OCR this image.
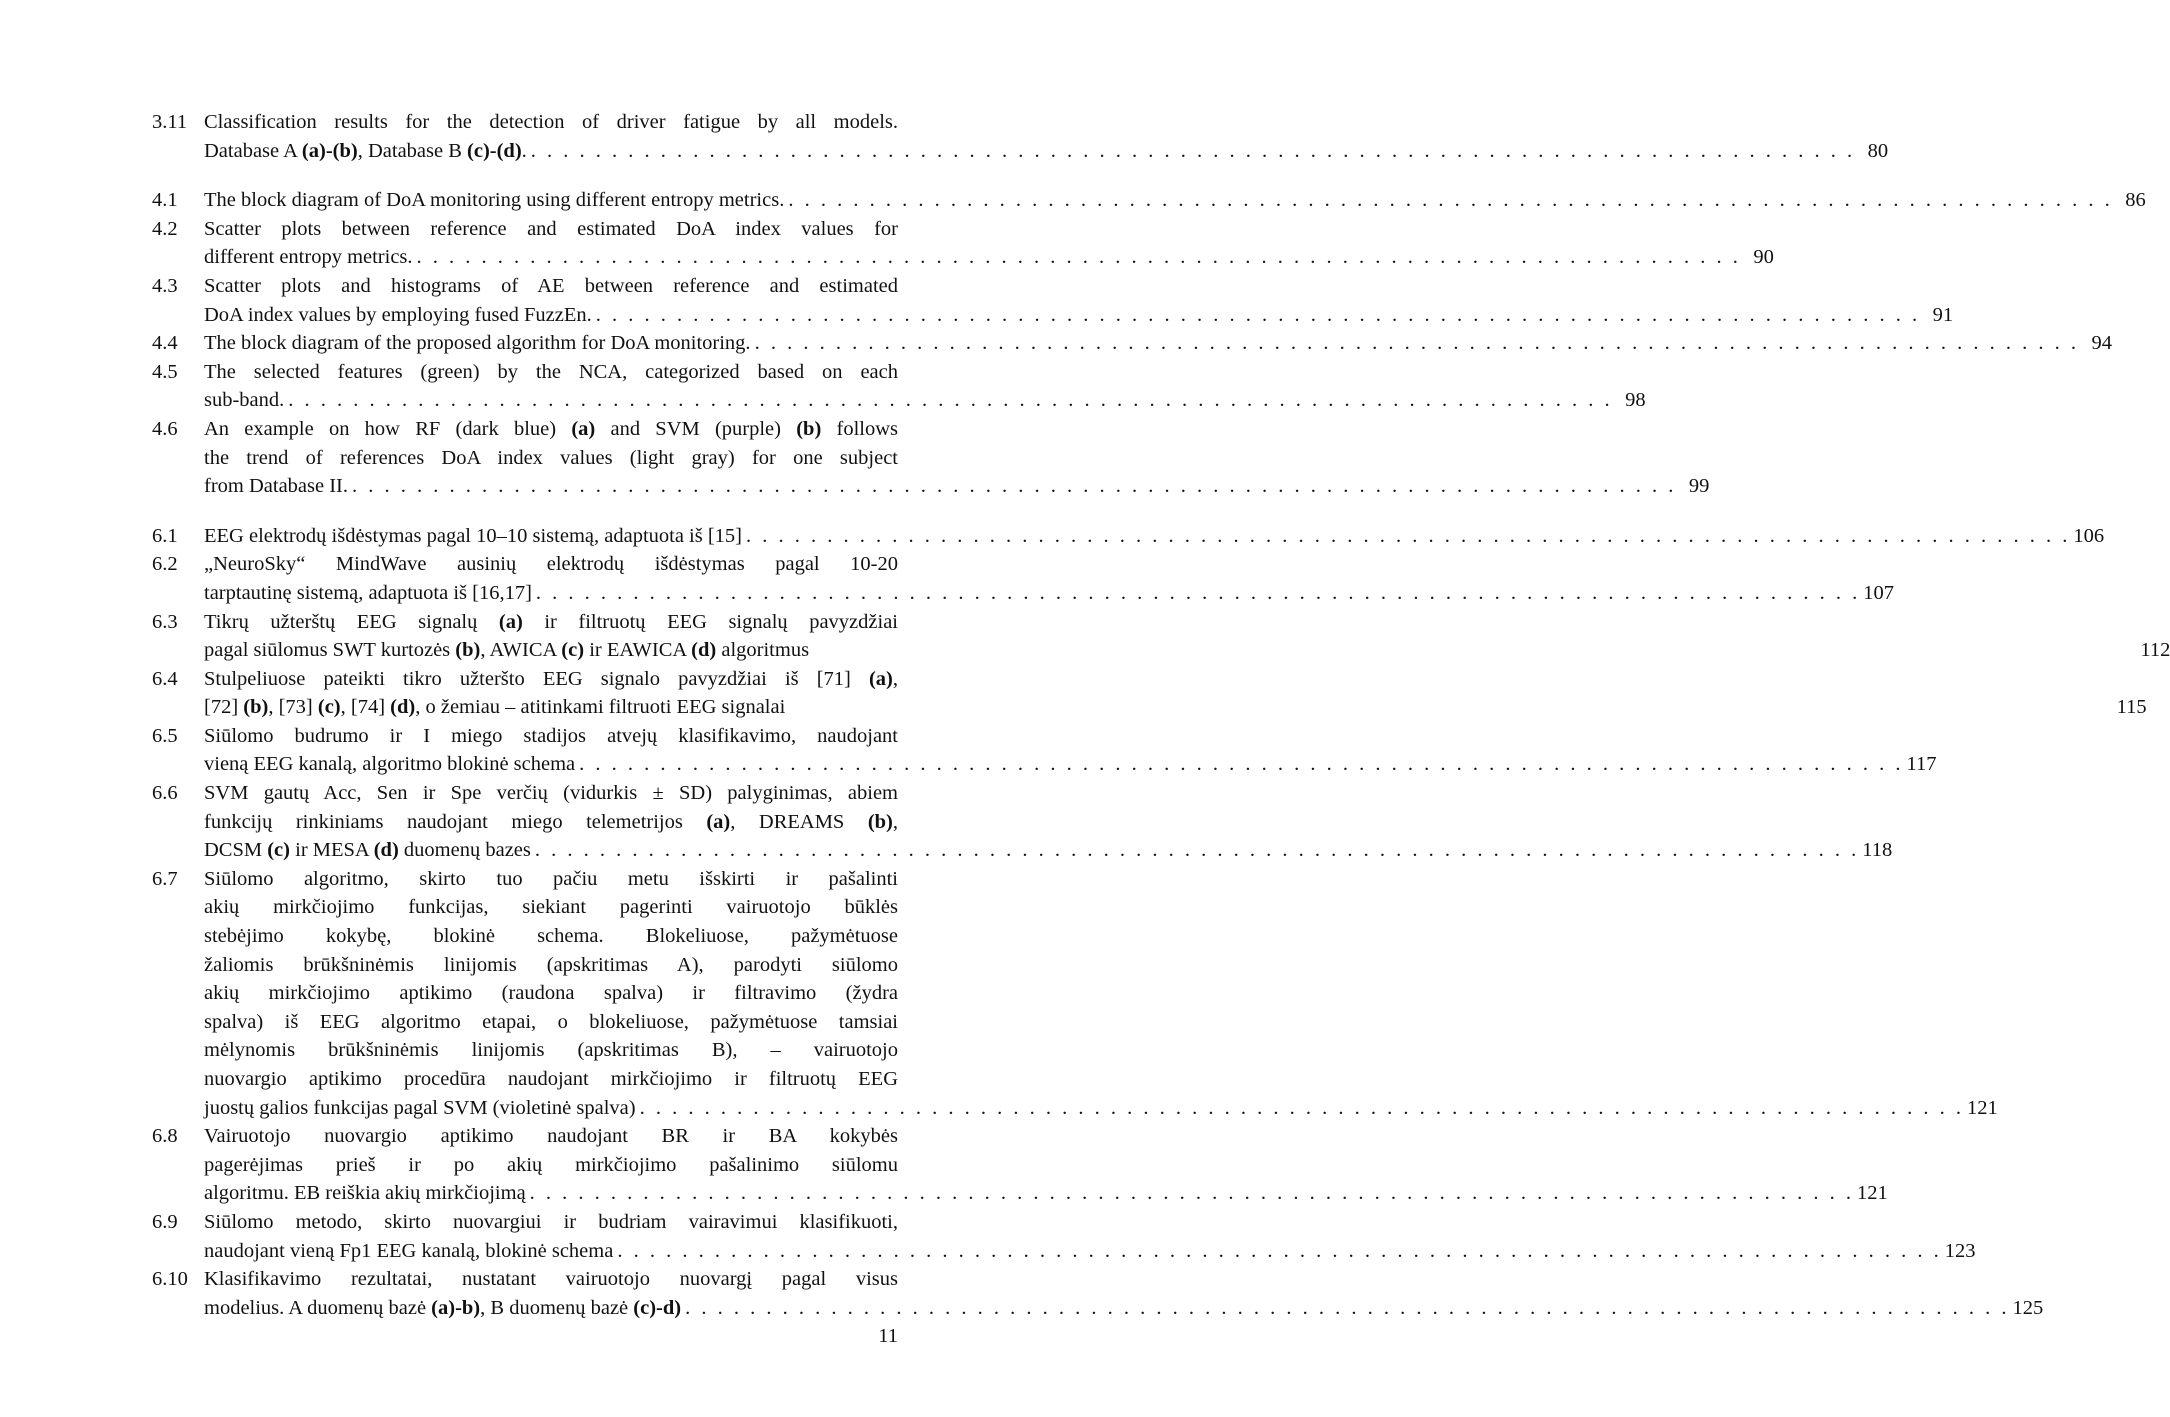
3.11 Classification results for the detection of driver fatigue by all models.
Database A (a)-(b), Database B (c)-(d). . . .	80
4.1	The block diagram of DoA monitoring using different entropy metrics. . . .	86
4.2	Scatter plots between reference and estimated DoA index values for
different entropy metrics. . . .	90
4.3	Scatter plots and histograms of AE between reference and estimated
DoA index values by employing fused FuzzEn. . . .	91
4.4	The block diagram of the proposed algorithm for DoA monitoring. . . .	94
4.5	The selected features (green) by the NCA, categorized based on each
sub-band. . . .	98
4.6	An example on how RF (dark blue) (a) and SVM (purple) (b) follows
the trend of references DoA index values (light gray) for one subject
from Database II. . . .	99
6.1	EEG elektrodų išdėstymas pagal 10–10 sistemą, adaptuota iš [15] . . .	106
6.2	„NeuroSky“ MindWave ausinių elektrodų išdėstymas pagal 10-20
tarptautinę sistemą, adaptuota iš [16,17] . . .	107
6.3	Tikrų užterštų EEG signalų (a) ir filtruotų EEG signalų pavyzdžiai
pagal siūlomus SWT kurtozės (b), AWICA (c) ir EAWICA (d) algoritmus	112
6.4	Stulpeliuose pateikti tikro užteršto EEG signalo pavyzdžiai iš [71] (a),
[72] (b), [73] (c), [74] (d), o žemiau – atitinkami filtruoti EEG signalai	115
6.5	Siūlomo budrumo ir I miego stadijos atvejų klasifikavimo, naudojant
vieną EEG kanalą, algoritmo blokinė schema . . .	117
6.6	SVM gautų Acc, Sen ir Spe verčių (vidurkis ± SD) palyginimas, abiem
funkcijų rinkiniams naudojant miego telemetrijos (a), DREAMS (b),
DCSM (c) ir MESA (d) duomenų bazes . . .	118
6.7	Siūlomo algoritmo, skirto tuo pačiu metu išskirti ir pašalinti
akių mirkčiojimo funkcijas, siekiant pagerinti vairuotojo būklės
stebėjimo kokybę, blokinė schema. Blokeliuose, pažymėtuose
žaliomis brūkšninėmis linijomis (apskritimas A), parodyti siūlomo
akių mirkčiojimo aptikimo (raudona spalva) ir filtravimo (žydra
spalva) iš EEG algoritmo etapai, o blokeliuose, pažymėtuose tamsiai
mėlynomis brūkšninėmis linijomis (apskritimas B), – vairuotojo
nuovargio aptikimo procedūra naudojant mirkčiojimo ir filtruotų EEG
juostų galios funkcijas pagal SVM (violetinė spalva) . . .	121
6.8	Vairuotojo nuovargio aptikimo naudojant BR ir BA kokybės
pagerėjimas prieš ir po akių mirkčiojimo pašalinimo siūlomu
algoritmu. EB reiškia akių mirkčiojimą . . .	121
6.9	Siūlomo metodo, skirto nuovargiui ir budriam vairavimui klasifikuoti,
naudojant vieną Fp1 EEG kanalą, blokinė schema . . .	123
6.10 Klasifikavimo rezultatai, nustatant vairuotojo nuovargį pagal visus
modelius. A duomenų bazė (a)-b), B duomenų bazė (c)-d) . . .	125
11
